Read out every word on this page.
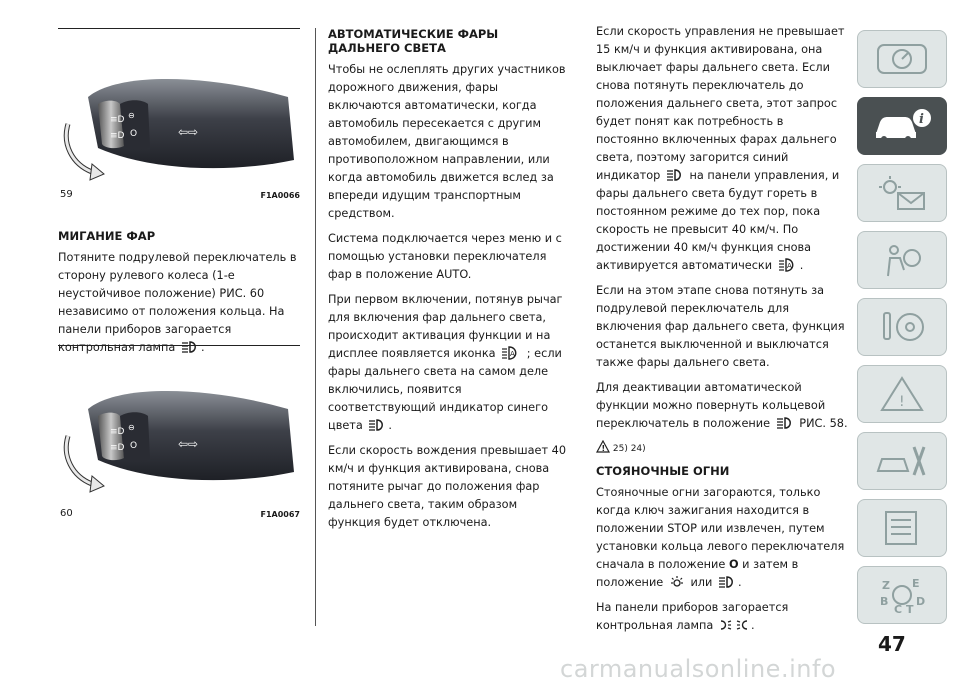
≡D
≡D
⊖
O	⇦⇨
59	F1A0066
МИГАНИЕ ФАР

Потяните подрулевой переключатель в сторону рулевого колеса (1-е неустойчивое положение) РИС. 60 независимо от положения кольца. На панели приборов загорается контрольная лампа .

≡D
≡D
⊖
O	⇦⇨
60	F1A0067
АВТОМАТИЧЕСКИЕ ФАРЫ ДАЛЬНЕГО СВЕТА

Чтобы не ослеплять других участников дорожного движения, фары включаются автоматически, когда автомобиль пересекается с другим автомобилем, двигающимся в противоположном направлении, или когда автомобиль движется вслед за впереди идущим транспортным средством.

Система подключается через меню и с помощью установки переключателя фар в положение AUTO.

При первом включении, потянув рычаг для включения фар дальнего света, происходит активация функции и на дисплее появляется иконка A ; если фары дальнего света на самом деле включились, появится соответствующий индикатор синего цвета .

Если скорость вождения превышает 40 км/ч и функция активирована, снова потяните рычаг до положения фар дальнего света, таким образом функция будет отключена.

Если скорость управления не превышает 15 км/ч и функция активирована, она выключает фары дальнего света. Если снова потянуть переключатель до положения дальнего света, этот запрос будет понят как потребность в постоянно включенных фарах дальнего света, поэтому загорится синий индикатор	на панели управления, и фары дальнего света будут гореть в постоянном режиме до тех пор, пока скорость не превысит 40 км/ч. По достижении 40 км/ч функция снова активируется автоматически A .

Если на этом этапе снова потянуть за подрулевой переключатель для включения фар дальнего света, функция останется выключенной и выключатся также фары дальнего света.

Для деактивации автоматической функции можно повернуть кольцевой переключатель в положение	РИС. 58.

! 25) 24)

СТОЯНОЧНЫЕ ОГНИ

Стояночные огни загораются, только когда ключ зажигания находится в положении STOP или извлечен, путем установки кольца левого переключателя сначала в положение O и затем в положение или .

На панели приборов загорается контрольная лампа	.

i
!
Z E
B	D
C T
47
carmanualsonline.info
